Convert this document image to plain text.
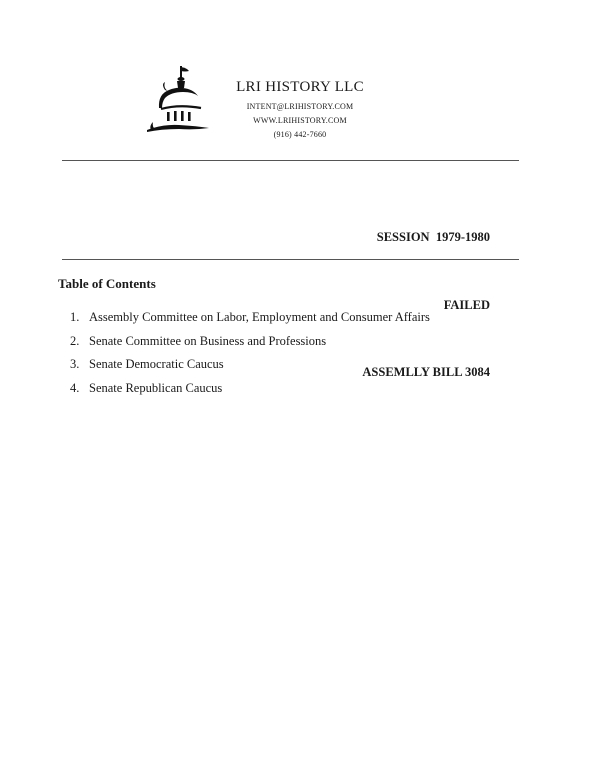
LRI HISTORY LLC
INTENT@LRIHISTORY.COM
WWW.LRIHISTORY.COM
(916) 442-7660

SESSION  1979-1980

FAILED

ASSEMLLY BILL 3084

Table of Contents
1. Assembly Committee on Labor, Employment and Consumer Affairs
2. Senate Committee on Business and Professions
3. Senate Democratic Caucus
4. Senate Republican Caucus
